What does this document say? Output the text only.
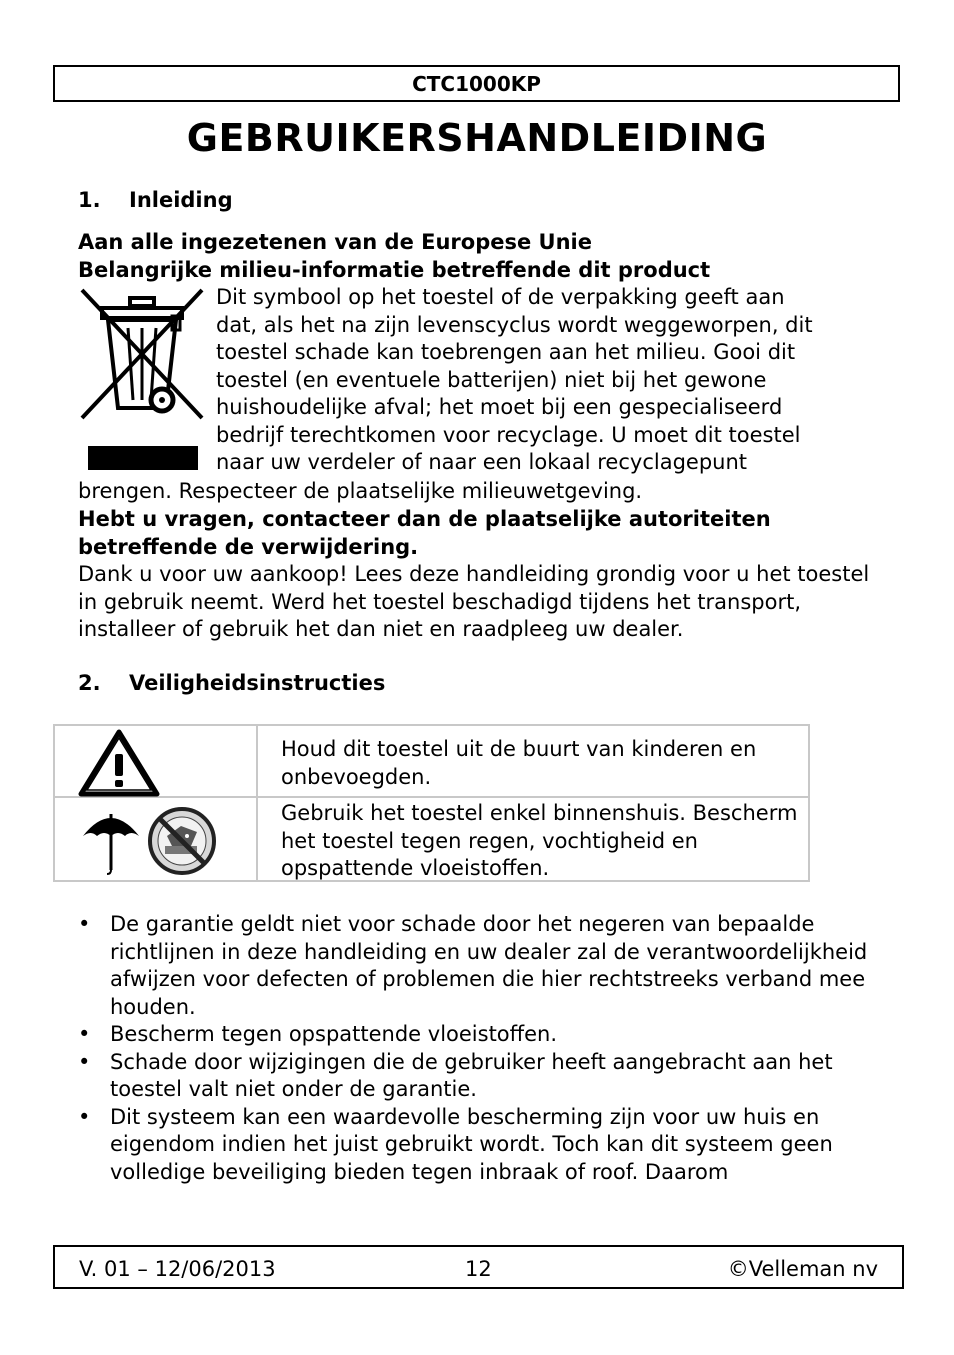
CTC1000KP
GEBRUIKERSHANDLEIDING
1. Inleiding
Aan alle ingezetenen van de Europese Unie
Belangrijke milieu-informatie betreffende dit product
Dit symbool op het toestel of de verpakking geeft aan
dat, als het na zijn levenscyclus wordt weggeworpen, dit
toestel schade kan toebrengen aan het milieu. Gooi dit
toestel (en eventuele batterijen) niet bij het gewone
huishoudelijke afval; het moet bij een gespecialiseerd
bedrijf terechtkomen voor recyclage. U moet dit toestel
naar uw verdeler of naar een lokaal recyclagepunt
brengen. Respecteer de plaatselijke milieuwetgeving.
Hebt u vragen, contacteer dan de plaatselijke autoriteiten betreffende de verwijdering.
Dank u voor uw aankoop! Lees deze handleiding grondig voor u het toestel in gebruik neemt. Werd het toestel beschadigd tijdens het transport, installeer of gebruik het dan niet en raadpleeg uw dealer.
2. Veiligheidsinstructies
Houd dit toestel uit de buurt van kinderen en onbevoegden.
Gebruik het toestel enkel binnenshuis. Bescherm het toestel tegen regen, vochtigheid en opspattende vloeistoffen.
• De garantie geldt niet voor schade door het negeren van bepaalde richtlijnen in deze handleiding en uw dealer zal de verantwoordelijkheid afwijzen voor defecten of problemen die hier rechtstreeks verband mee houden.
• Bescherm tegen opspattende vloeistoffen.
• Schade door wijzigingen die de gebruiker heeft aangebracht aan het toestel valt niet onder de garantie.
• Dit systeem kan een waardevolle bescherming zijn voor uw huis en eigendom indien het juist gebruikt wordt. Toch kan dit systeem geen volledige beveiliging bieden tegen inbraak of roof. Daarom
V. 01 – 12/06/2013	12	©Velleman nv
